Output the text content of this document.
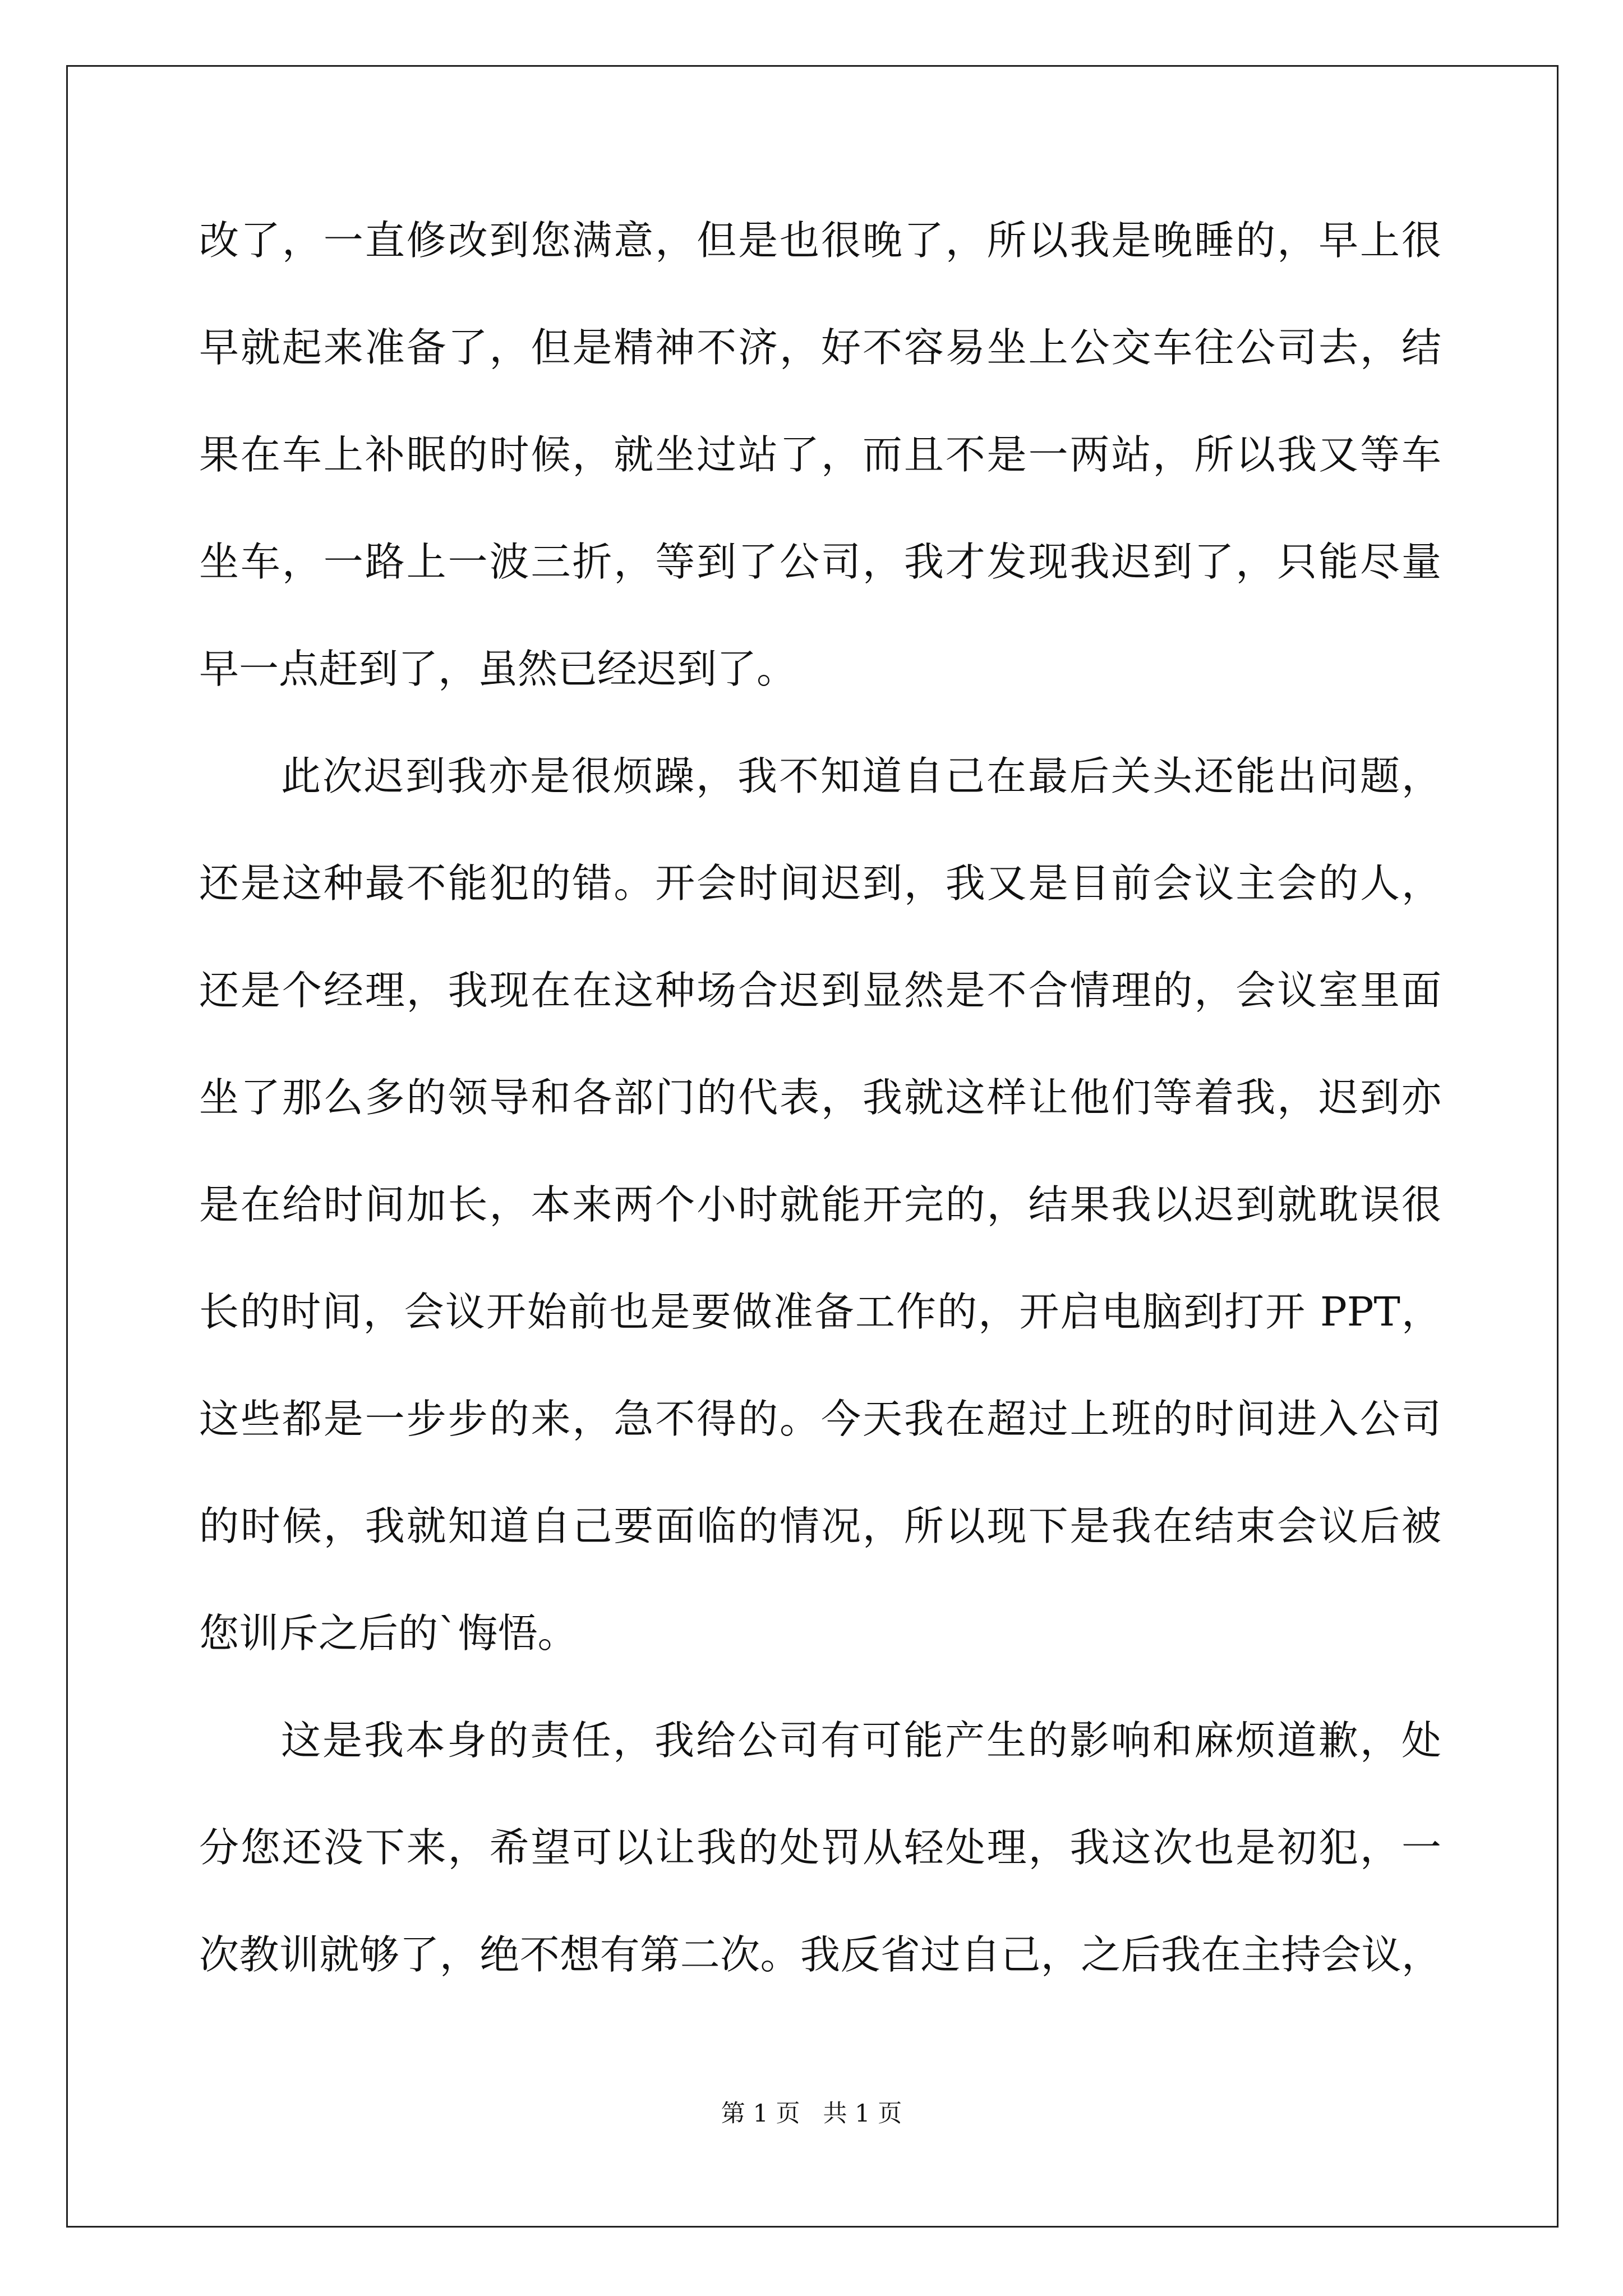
改了，一直修改到您满意，但是也很晚了，所以我是晚睡的，早上很
早就起来准备了，但是精神不济，好不容易坐上公交车往公司去，结
果在车上补眠的时候，就坐过站了，而且不是一两站，所以我又等车
坐车，一路上一波三折，等到了公司，我才发现我迟到了，只能尽量
早一点赶到了，虽然已经迟到了。
此次迟到我亦是很烦躁，我不知道自己在最后关头还能出问题，
还是这种最不能犯的错。开会时间迟到，我又是目前会议主会的人，
还是个经理，我现在在这种场合迟到显然是不合情理的，会议室里面
坐了那么多的领导和各部门的代表，我就这样让他们等着我，迟到亦
是在给时间加长，本来两个小时就能开完的，结果我以迟到就耽误很
长的时间，会议开始前也是要做准备工作的，开启电脑到打开 PPT，
这些都是一步步的来，急不得的。今天我在超过上班的时间进入公司
的时候，我就知道自己要面临的情况，所以现下是我在结束会议后被
您训斥之后的`悔悟。
这是我本身的责任，我给公司有可能产生的影响和麻烦道歉，处
分您还没下来，希望可以让我的处罚从轻处理，我这次也是初犯，一
次教训就够了，绝不想有第二次。我反省过自己，之后我在主持会议，
第 1 页   共 1 页
